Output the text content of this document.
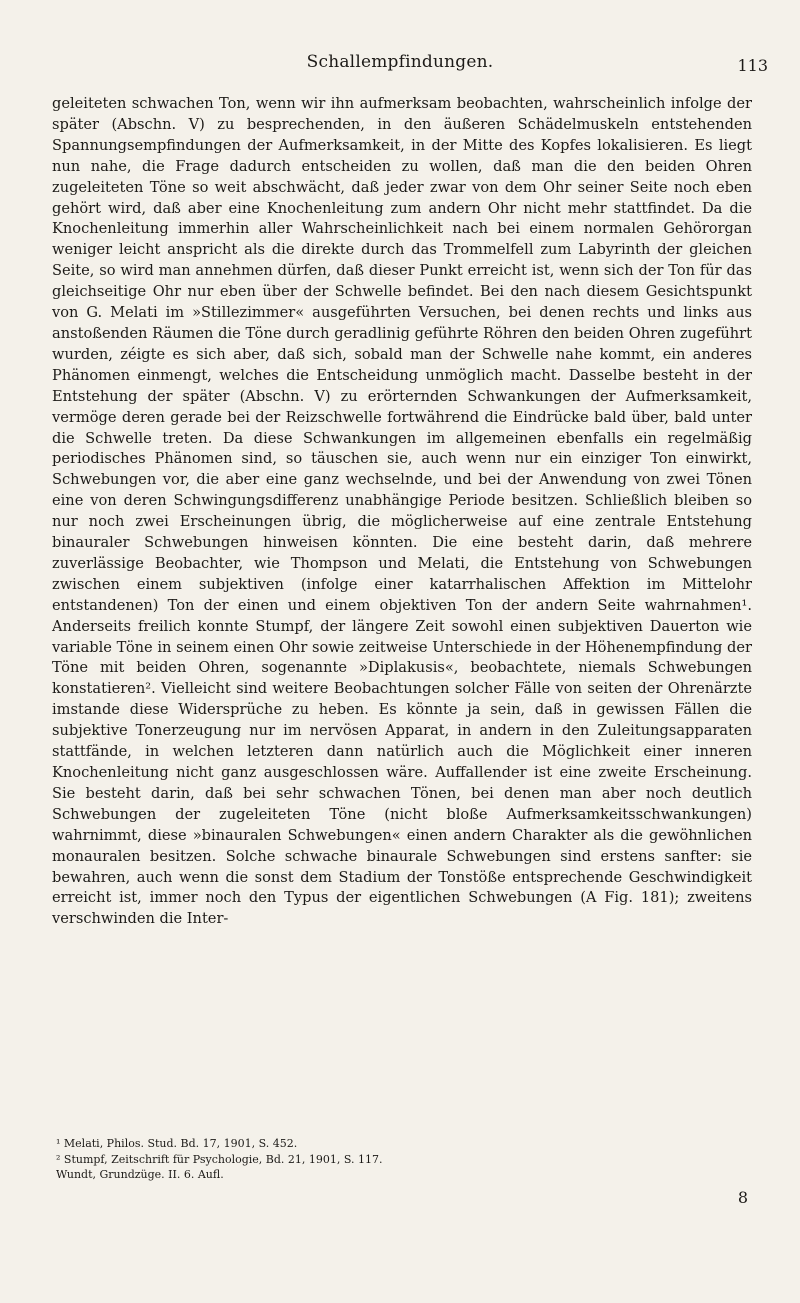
Schallempfindungen.	113

geleiteten schwachen Ton, wenn wir ihn aufmerksam beobachten, wahrscheinlich infolge der später (Abschn. V) zu besprechenden, in den äußeren Schädelmuskeln entstehenden Spannungsempfindungen der Aufmerksamkeit, in der Mitte des Kopfes lokalisieren. Es liegt nun nahe, die Frage dadurch entscheiden zu wollen, daß man die den beiden Ohren zugeleiteten Töne so weit abschwächt, daß jeder zwar von dem Ohr seiner Seite noch eben gehört wird, daß aber eine Knochenleitung zum andern Ohr nicht mehr stattfindet. Da die Knochenleitung immerhin aller Wahrscheinlichkeit nach bei einem normalen Gehörorgan weniger leicht anspricht als die direkte durch das Trommelfell zum Labyrinth der gleichen Seite, so wird man annehmen dürfen, daß dieser Punkt erreicht ist, wenn sich der Ton für das gleichseitige Ohr nur eben über der Schwelle befindet. Bei den nach diesem Gesichtspunkt von G. Melati im »Stillezimmer« ausgeführten Versuchen, bei denen rechts und links aus anstoßenden Räumen die Töne durch geradlinig geführte Röhren den beiden Ohren zugeführt wurden, zéigte es sich aber, daß sich, sobald man der Schwelle nahe kommt, ein anderes Phänomen einmengt, welches die Entscheidung unmöglich macht. Dasselbe besteht in der Entstehung der später (Abschn. V) zu erörternden Schwankungen der Aufmerksamkeit, vermöge deren gerade bei der Reizschwelle fortwährend die Eindrücke bald über, bald unter die Schwelle treten. Da diese Schwankungen im allgemeinen ebenfalls ein regelmäßig periodisches Phänomen sind, so täuschen sie, auch wenn nur ein einziger Ton einwirkt, Schwebungen vor, die aber eine ganz wechselnde, und bei der Anwendung von zwei Tönen eine von deren Schwingungsdifferenz unabhängige Periode besitzen. Schließlich bleiben so nur noch zwei Erscheinungen übrig, die möglicherweise auf eine zentrale Entstehung binauraler Schwebungen hinweisen könnten. Die eine besteht darin, daß mehrere zuverlässige Beobachter, wie Thompson und Melati, die Entstehung von Schwebungen zwischen einem subjektiven (infolge einer katarrhalischen Affektion im Mittelohr entstandenen) Ton der einen und einem objektiven Ton der andern Seite wahrnahmen¹. Anderseits freilich konnte Stumpf, der längere Zeit sowohl einen subjektiven Dauerton wie variable Töne in seinem einen Ohr sowie zeitweise Unterschiede in der Höhenempfindung der Töne mit beiden Ohren, sogenannte »Diplakusis«, beobachtete, niemals Schwebungen konstatieren². Vielleicht sind weitere Beobachtungen solcher Fälle von seiten der Ohrenärzte imstande diese Widersprüche zu heben. Es könnte ja sein, daß in gewissen Fällen die subjektive Tonerzeugung nur im nervösen Apparat, in andern in den Zuleitungsapparaten stattfände, in welchen letzteren dann natürlich auch die Möglichkeit einer inneren Knochenleitung nicht ganz ausgeschlossen wäre. Auffallender ist eine zweite Erscheinung. Sie besteht darin, daß bei sehr schwachen Tönen, bei denen man aber noch deutlich Schwebungen der zugeleiteten Töne (nicht bloße Aufmerksamkeitsschwankungen) wahrnimmt, diese »binauralen Schwebungen« einen andern Charakter als die gewöhnlichen monauralen besitzen. Solche schwache binaurale Schwebungen sind erstens sanfter: sie bewahren, auch wenn die sonst dem Stadium der Tonstöße entsprechende Geschwindigkeit erreicht ist, immer noch den Typus der eigentlichen Schwebungen (A Fig. 181); zweitens verschwinden die Inter-

¹ Melati, Philos. Stud. Bd. 17, 1901, S. 452.

² Stumpf, Zeitschrift für Psychologie, Bd. 21, 1901, S. 117.

Wundt, Grundzüge. II. 6. Aufl.

8
